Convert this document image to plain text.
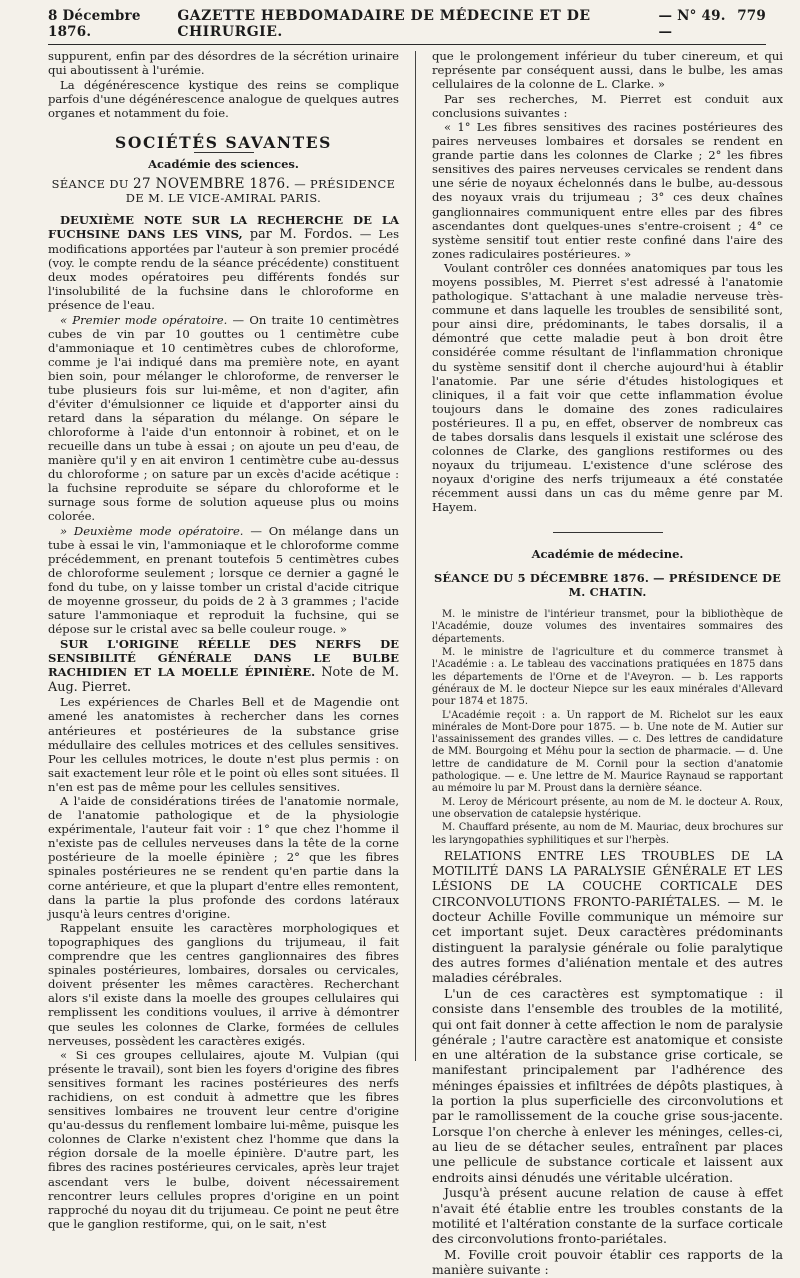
8 Décembre 1876.
GAZETTE HEBDOMADAIRE DE MÉDECINE ET DE CHIRURGIE.
— N° 49. —
779

suppurent, enfin par des désordres de la sécrétion urinaire qui aboutissent à l'urémie.

La dégénérescence kystique des reins se complique parfois d'une dégénérescence analogue de quelques autres organes et notamment du foie.

SOCIÉTÉS SAVANTES
Académie des sciences.
SÉANCE DU 27 NOVEMBRE 1876. — PRÉSIDENCE DE M. LE VICE-AMIRAL PARIS.

DEUXIÈME NOTE SUR LA RECHERCHE DE LA FUCHSINE DANS LES VINS, par M. Fordos. — Les modifications apportées par l'auteur à son premier procédé (voy. le compte rendu de la séance précédente) constituent deux modes opératoires peu différents fondés sur l'insolubilité de la fuchsine dans le chloroforme en présence de l'eau.

« Premier mode opératoire. — On traite 10 centimètres cubes de vin par 10 gouttes ou 1 centimètre cube d'ammoniaque et 10 centimètres cubes de chloroforme, comme je l'ai indiqué dans ma première note, en ayant bien soin, pour mélanger le chloroforme, de renverser le tube plusieurs fois sur lui-même, et non d'agiter, afin d'éviter d'émulsionner ce liquide et d'apporter ainsi du retard dans la séparation du mélange. On sépare le chloroforme à l'aide d'un entonnoir à robinet, et on le recueille dans un tube à essai ; on ajoute un peu d'eau, de manière qu'il y en ait environ 1 centimètre cube au-dessus du chloroforme ; on sature par un excès d'acide acétique : la fuchsine reproduite se sépare du chloroforme et le surnage sous forme de solution aqueuse plus ou moins colorée.

» Deuxième mode opératoire. — On mélange dans un tube à essai le vin, l'ammoniaque et le chloroforme comme précédemment, en prenant toutefois 5 centimètres cubes de chloroforme seulement ; lorsque ce dernier a gagné le fond du tube, on y laisse tomber un cristal d'acide citrique de moyenne grosseur, du poids de 2 à 3 grammes ; l'acide sature l'ammoniaque et reproduit la fuchsine, qui se dépose sur le cristal avec sa belle couleur rouge. »

SUR L'ORIGINE RÉELLE DES NERFS DE SENSIBILITÉ GÉNÉRALE DANS LE BULBE RACHIDIEN ET LA MOELLE ÉPINIÈRE. Note de M. Aug. Pierret.

Les expériences de Charles Bell et de Magendie ont amené les anatomistes à rechercher dans les cornes antérieures et postérieures de la substance grise médullaire des cellules motrices et des cellules sensitives. Pour les cellules motrices, le doute n'est plus permis : on sait exactement leur rôle et le point où elles sont situées. Il n'en est pas de même pour les cellules sensitives.

A l'aide de considérations tirées de l'anatomie normale, de l'anatomie pathologique et de la physiologie expérimentale, l'auteur fait voir : 1° que chez l'homme il n'existe pas de cellules nerveuses dans la tête de la corne postérieure de la moelle épinière ; 2° que les fibres spinales postérieures ne se rendent qu'en partie dans la corne antérieure, et que la plupart d'entre elles remontent, dans la partie la plus profonde des cordons latéraux jusqu'à leurs centres d'origine.

Rappelant ensuite les caractères morphologiques et topographiques des ganglions du trijumeau, il fait comprendre que les centres ganglionnaires des fibres spinales postérieures, lombaires, dorsales ou cervicales, doivent présenter les mêmes caractères. Recherchant alors s'il existe dans la moelle des groupes cellulaires qui remplissent les conditions voulues, il arrive à démontrer que seules les colonnes de Clarke, formées de cellules nerveuses, possèdent les caractères exigés.

« Si ces groupes cellulaires, ajoute M. Vulpian (qui présente le travail), sont bien les foyers d'origine des fibres sensitives formant les racines postérieures des nerfs rachidiens, on est conduit à admettre que les fibres sensitives lombaires ne trouvent leur centre d'origine qu'au-dessus du renflement lombaire lui-même, puisque les colonnes de Clarke n'existent chez l'homme que dans la région dorsale de la moelle épinière. D'autre part, les fibres des racines postérieures cervicales, après leur trajet ascendant vers le bulbe, doivent nécessairement rencontrer leurs cellules propres d'origine en un point rapproché du noyau dit du trijumeau. Ce point ne peut être que le ganglion restiforme, qui, on le sait, n'est

que le prolongement inférieur du tuber cinereum, et qui représente par conséquent aussi, dans le bulbe, les amas cellulaires de la colonne de L. Clarke. »

Par ses recherches, M. Pierret est conduit aux conclusions suivantes :

« 1° Les fibres sensitives des racines postérieures des paires nerveuses lombaires et dorsales se rendent en grande partie dans les colonnes de Clarke ; 2° les fibres sensitives des paires nerveuses cervicales se rendent dans une série de noyaux échelonnés dans le bulbe, au-dessous des noyaux vrais du trijumeau ; 3° ces deux chaînes ganglionnaires communiquent entre elles par des fibres ascendantes dont quelques-unes s'entre-croisent ; 4° ce système sensitif tout entier reste confiné dans l'aire des zones radiculaires postérieures. »

Voulant contrôler ces données anatomiques par tous les moyens possibles, M. Pierret s'est adressé à l'anatomie pathologique. S'attachant à une maladie nerveuse très-commune et dans laquelle les troubles de sensibilité sont, pour ainsi dire, prédominants, le tabes dorsalis, il a démontré que cette maladie peut à bon droit être considérée comme résultant de l'inflammation chronique du système sensitif dont il cherche aujourd'hui à établir l'anatomie. Par une série d'études histologiques et cliniques, il a fait voir que cette inflammation évolue toujours dans le domaine des zones radiculaires postérieures. Il a pu, en effet, observer de nombreux cas de tabes dorsalis dans lesquels il existait une sclérose des colonnes de Clarke, des ganglions restiformes ou des noyaux du trijumeau. L'existence d'une sclérose des noyaux d'origine des nerfs trijumeaux a été constatée récemment aussi dans un cas du même genre par M. Hayem.

Académie de médecine.
SÉANCE DU 5 DÉCEMBRE 1876. — PRÉSIDENCE DE M. CHATIN.

M. le ministre de l'intérieur transmet, pour la bibliothèque de l'Académie, douze volumes des inventaires sommaires des départements.

M. le ministre de l'agriculture et du commerce transmet à l'Académie : a. Le tableau des vaccinations pratiquées en 1875 dans les départements de l'Orne et de l'Aveyron. — b. Les rapports généraux de M. le docteur Niepce sur les eaux minérales d'Allevard pour 1874 et 1875.

L'Académie reçoit : a. Un rapport de M. Richelot sur les eaux minérales de Mont-Dore pour 1875. — b. Une note de M. Autier sur l'assainissement des grandes villes. — c. Des lettres de candidature de MM. Bourgoing et Méhu pour la section de pharmacie. — d. Une lettre de candidature de M. Cornil pour la section d'anatomie pathologique. — e. Une lettre de M. Maurice Raynaud se rapportant au mémoire lu par M. Proust dans la dernière séance.

M. Leroy de Méricourt présente, au nom de M. le docteur A. Roux, une observation de catalepsie hystérique.

M. Chauffard présente, au nom de M. Mauriac, deux brochures sur les laryngopathies syphilitiques et sur l'herpès.

RELATIONS ENTRE LES TROUBLES DE LA MOTILITÉ DANS LA PARALYSIE GÉNÉRALE ET LES LÉSIONS DE LA COUCHE CORTICALE DES CIRCONVOLUTIONS FRONTO-PARIÉTALES. — M. le docteur Achille Foville communique un mémoire sur cet important sujet. Deux caractères prédominants distinguent la paralysie générale ou folie paralytique des autres formes d'aliénation mentale et des autres maladies cérébrales.

L'un de ces caractères est symptomatique : il consiste dans l'ensemble des troubles de la motilité, qui ont fait donner à cette affection le nom de paralysie générale ; l'autre caractère est anatomique et consiste en une altération de la substance grise corticale, se manifestant principalement par l'adhérence des méninges épaissies et infiltrées de dépôts plastiques, à la portion la plus superficielle des circonvolutions et par le ramollissement de la couche grise sous-jacente. Lorsque l'on cherche à enlever les méninges, celles-ci, au lieu de se détacher seules, entraînent par places une pellicule de substance corticale et laissent aux endroits ainsi dénudés une véritable ulcération.

Jusqu'à présent aucune relation de cause à effet n'avait été établie entre les troubles constants de la motilité et l'altération constante de la surface corticale des circonvolutions fronto-pariétales.

M. Foville croit pouvoir établir ces rapports de la manière suivante :
